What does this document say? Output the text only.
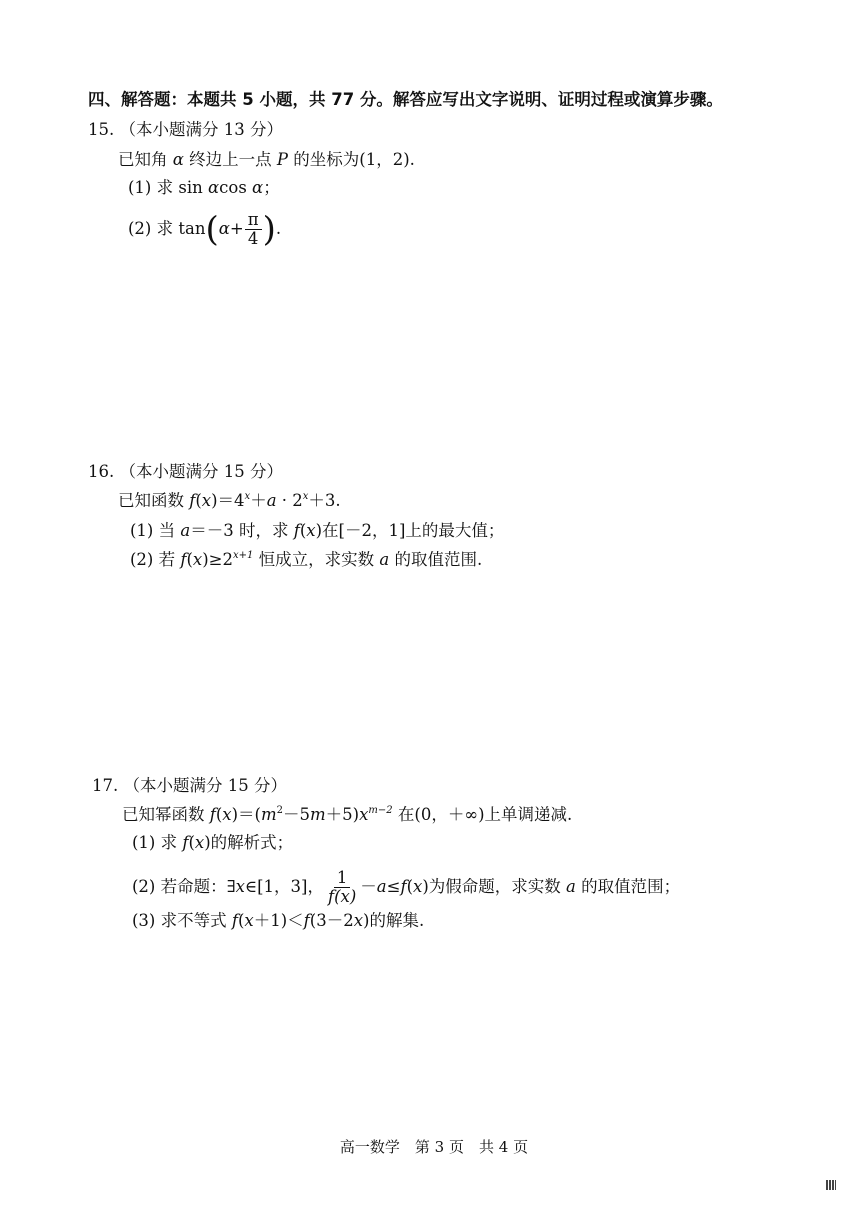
四、解答题：本题共 5 小题，共 77 分。解答应写出文字说明、证明过程或演算步骤。
15. （本小题满分 13 分）
已知角 α 终边上一点 P 的坐标为(1，2).
(1) 求 sin αcos α；
(2) 求 $\tan(\alpha+ \frac{\pi}{4}$ ).
16. （本小题满分 15 分）
已知函数 $f(x)=4^x+a \cdot 2^x+3$.
(1) 当 a＝－3 时，求 f(x)在[－2，1]上的最大值；
(2) 若 $f(x)\ge 2^{x+1}$ 恒成立，求实数 a 的取值范围.
17. （本小题满分 15 分）
已知幂函数 $f(x)=(m^2-5m+5)x^{m-2}$ 在(0，＋∞)上单调递减.
(1) 求 f(x)的解析式；
(2) 若命题：∃x∈[1，3]， $\frac{1}{f(x)} -a\le f(x)$为假命题，求实数 a 的取值范围；
(3) 求不等式 f(x＋1)＜f(3－2x)的解集.
高一数学　第 3 页　共 4 页
